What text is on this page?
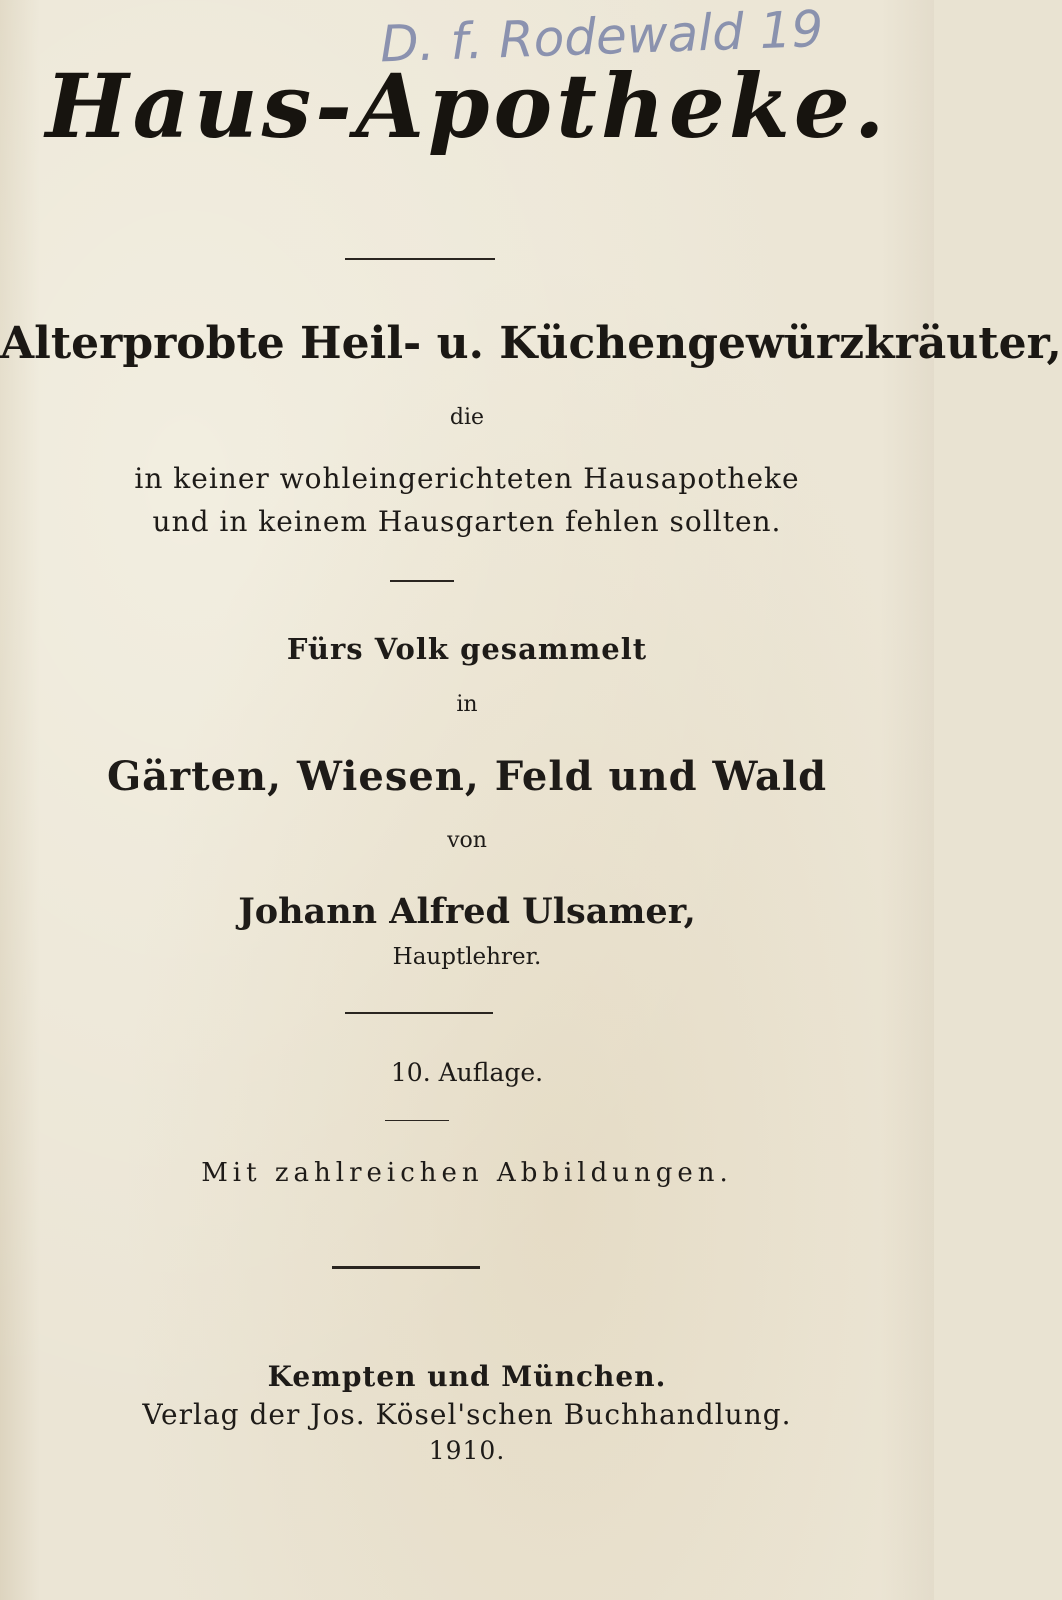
D. f. Rodewald 19
Haus-Apotheke.
Alterprobte Heil- u. Küchengewürzkräuter,
die
in keiner wohleingerichteten Hausapotheke
und in keinem Hausgarten fehlen sollten.
Fürs Volk gesammelt
in
Gärten, Wiesen, Feld und Wald
von
Johann Alfred Ulsamer,
Hauptlehrer.
10. Auflage.
Mit zahlreichen Abbildungen.
Kempten und München.
Verlag der Jos. Kösel'schen Buchhandlung.
1910.
